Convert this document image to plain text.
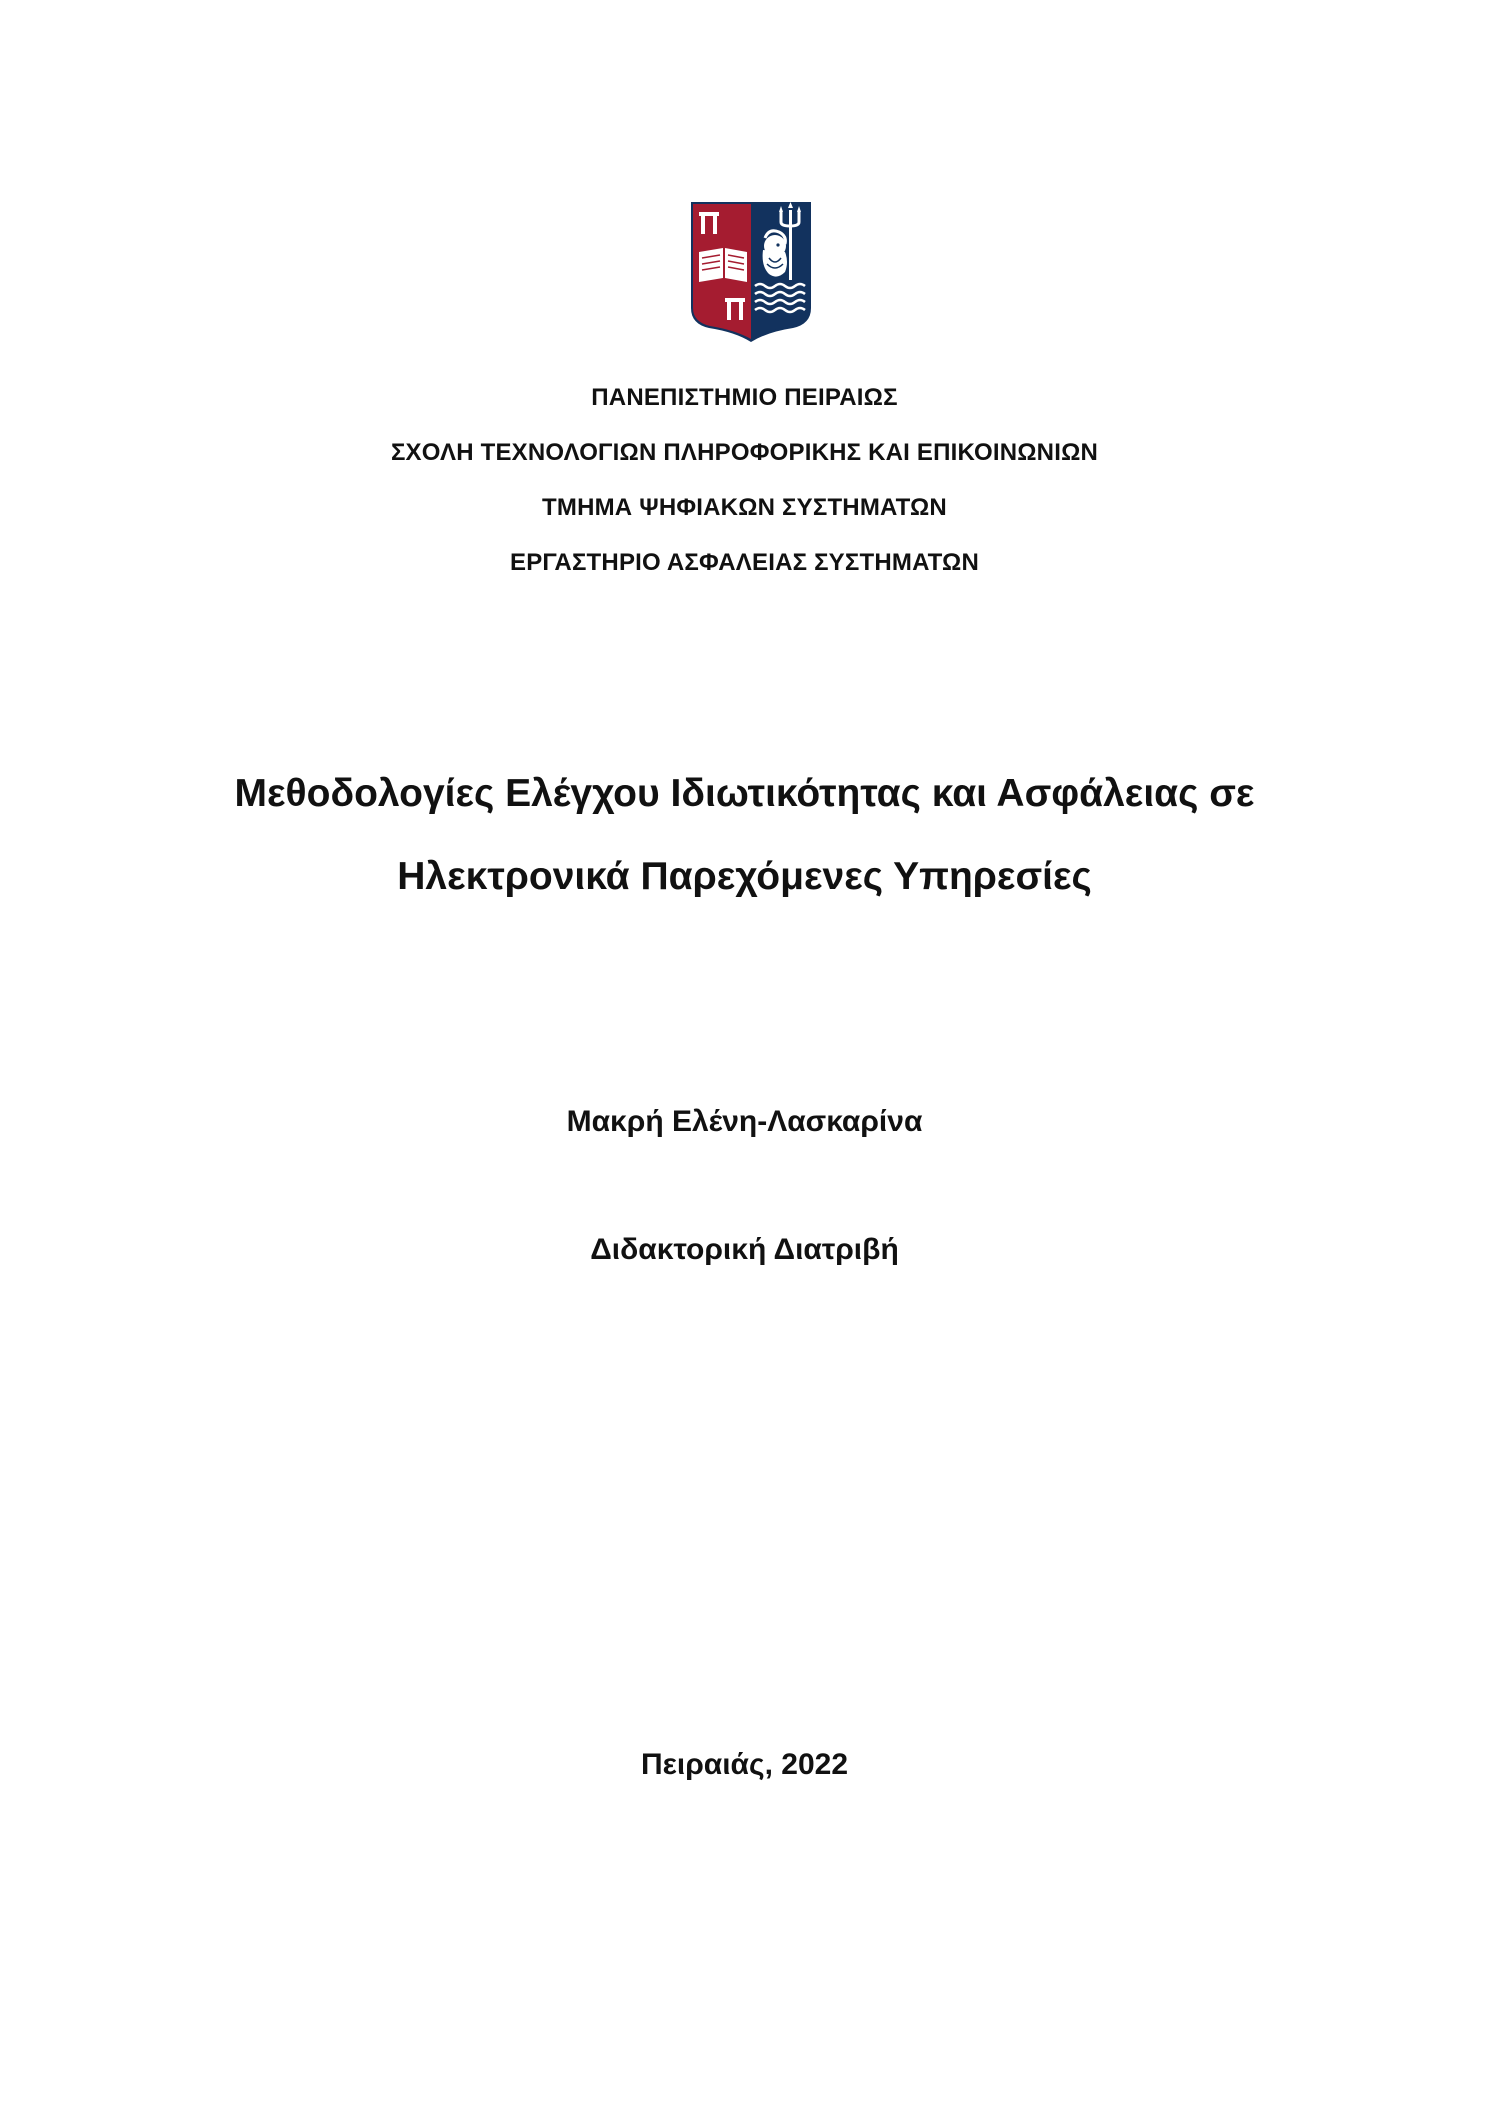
ΠΑΝΕΠΙΣΤΗΜΙΟ ΠΕΙΡΑΙΩΣ
ΣΧΟΛΗ ΤΕΧΝΟΛΟΓΙΩΝ ΠΛΗΡΟΦΟΡΙΚΗΣ ΚΑΙ ΕΠΙΚΟΙΝΩΝΙΩΝ
ΤΜΗΜΑ ΨΗΦΙΑΚΩΝ ΣΥΣΤΗΜΑΤΩΝ
ΕΡΓΑΣΤΗΡΙΟ ΑΣΦΑΛΕΙΑΣ ΣΥΣΤΗΜΑΤΩΝ
Μεθοδολογίες Ελέγχου Ιδιωτικότητας και Ασφάλειας σε
Ηλεκτρονικά Παρεχόμενες Υπηρεσίες
Μακρή Ελένη-Λασκαρίνα
Διδακτορική Διατριβή
Πειραιάς, 2022
